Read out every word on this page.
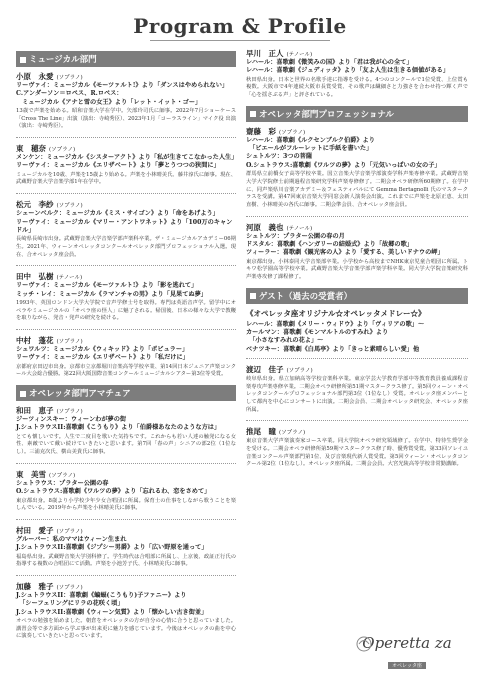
Program & Profile
ミュージカル部門
小原　永愛 (ソプラノ)
リーヴァイ：ミュージカル《モーツァルト!》より「ダンスはやめられない」
C.アンダーソン＝ロペス、R.ロペス：
　ミュージカル《アナと雪の女王》より「レット・イット・ゴー」
13歳で声楽を始める。昭和音楽大学在学中。矢部玲司氏に師事。2022年7月ショーケース「Cross The Line」出演（演出：寺崎秀臣）、2023年1月「コーラスライン」マイク役 出演（演出：寺崎秀臣）。
東　穂奈 (ソプラノ)
メンケン：ミュージカル《シスターアクト》より「私が生きてこなかった人生」
リーヴァイ：ミュージカル《エリザベート》より「夢とうつつの狭間に」
ミュージカルを10歳、声楽を15歳より始める。声楽を小林晴美氏、藤井淳氏に師事。現在、武蔵野音楽大学音楽学部1年在学中。
松元　李紗 (ソプラノ)
シェーンベルク：ミュージカル《ミス・サイゴン》より「命をあげよう」
リーヴァイ：ミュージカル《マリー・アントワネット》より「100万のキャンドル」
長崎県長崎市出身。武蔵野音楽大学音楽学部声楽科卒業。ザ・ミュージカルアカデミー06期生。2021年、ウィーンオペレッタコンクールオペレッタ部門プロフェッショナル入選。現在、合オペレッタ座会員。
田中　弘樹 (テノール)
リーヴァイ：ミュージカル《モーツァルト!》より「影を逃れて」
ミッチ・レイ：ミュージカル《ラマンチャの男》より「見果てぬ夢」
1993年、英国ロンドン大学大学院で音声学修士号を取得。専門は英語音声学。留学中にオペラやミュージカルの「オペラ座の怪人」に魅了される。帰国後、日本の様々な大学で教鞭を取りながら、発音・発声の研究を続ける。
中村　蓬花 (ソプラノ)
シュワルツ：ミュージカル《ウィキッド》より「ポピュラー」
リーヴァイ：ミュージカル《エリザベート》より「私だけに」
京都府京田辺市出身。京都市立京都堀川音楽高等学校卒業、第14回日本ジュニア声楽コンクール大会総合優勝。第22回大阪国際音楽コンクールミュージカルシアター第3位等受賞。
オペレッタ部門アマチュア
和田　恵子 (ソプラノ)
ジーツィンスキー：ウィーンわが夢の街
J.シュトラウスII:喜歌劇《こうもり》より「伯爵様あなたのような方は」
とても懐しいです。人生で二度目を歌いた気持ちです。これからも若い人達の触発になる女性、素敵でいて戴い続けていきたいと思います。第7回「春の声」シニアの部2位（1位なし）。三浦克次氏、横山美貴氏に師事。
東　美雪 (ソプラノ)
シュトラウス：プラター公園の春
O.シュトラウス:喜歌劇《ワルツの夢》より「忘れるわ、恋をさめて」
東京都出身。8歳より小学校少年少女合唱団に所属。保育士の仕事をしながら歌うことを楽しんでいる。2019年から声楽を小林晴美氏に師事。
村田　愛子 (ソプラノ)
グルーバー：私のママはウィーン生まれ
J.シュトラウスII:喜歌劇《ジプシー男爵》より「広い野原を通って」
福島県出身。武蔵野音楽大学別科修了。学生時代は合唱部に所属し、上京後、政証正行氏の指導する複数の合唱団にて活動。声楽を小池芳子氏、小林晴美氏に師事。
加藤　雅子 (ソプラノ)
J.シュトラウスII：喜歌劇《蝙蝠(こうもり)子ファニー》より
　「シーフェリングにリラの花咲く頃」
J.シュトラウスII:喜歌劇《ウィーン気質》より「懐かしい古き街並」
オペラの勉強を始めました。朝倉をオペレッタの方が自分の心情に合うと思っていました。講習会等で多方面から学ぶ事が出来更に魅力を感じています。今後はオペレッタの曲を中心に演奏していきたいと思っています。
早川　正人 (テノール)
レハール：喜歌劇《微笑みの国》より「君は我が心の全て」
レハール：喜歌劇《ジュディッタ》より「友よ人生は生きる価値がある」
秋田県出身。日本と世界の名歌手達に指導を受ける。4つのコンクールで1位受賞、上位賞も複数。大阪市で4年連続大阪市長賞受賞、その歌声は繊細さと力強さを合わせ持つ輝く声で「心を揺さぶる声」と評されている。
オペレッタ部門プロフェッショナル
齋藤　彩 (ソプラノ)
レハール：喜歌劇《ルクセンブルク伯爵》より
　「ピエールがフルーレットに手紙を書いた」
シュトルツ：3つの菩薩
O.シュトラウス:喜歌劇《ワルツの夢》より「元気いっぱいの女の子」
群馬県立前橋女子高等学校卒業。国立音楽大学音楽学部演奏学科声楽専修卒業。武蔵野音楽大学大学院修士前期過程音楽研究学科声楽専修修了。二期会オペラ研修所60期修了。在学中に、同声楽県川音楽アカデミー＆フェスティバルにて Gemma Bertagnolli 氏のマスタークラスを受講。第47回東京音楽大学同窓会新人演奏会出演。これまでに声楽を北原正恵、太田直樹、小林晴美の各氏に師事。二期会準会員、合オペレッタ座会員。
河原　義也 (テノール)
シュトルツ：プラター公園の春の月
ドスタル：喜歌劇《ハンガリーの結婚式》より「故郷の歌」
ツィーラー：喜歌劇《観光客の人》より「愛する、美しいドナウの岬」
東京都出身。小林泰同大学音楽部卒業。小学校から高校までNHK東京児童合唱団に所属。トキワ松学園高等学校卒業。武蔵野音楽大学音楽学部声楽学科卒業。同大学大学院音楽研究科声楽専攻修了課程修了。
ゲスト（過去の受賞者）
《オペレッタ座オリジナル☆オペレッタメドレー☆》
レハール：喜歌劇《メリー・ウィドウ》より「ヴィリアの歌」〜
カールマン：喜歌劇《モンマルトルのすみれ》より
　「小さなすみれの花よ」〜
ベナツキー：喜歌劇《白馬亭》より「きっと素晴らしい愛」他
渡辺　佳子 (ソプラノ)
岐阜県出身。県立加納高等学校音楽科卒業。東京学芸大学教育学部中等教育教員養成課程音楽専攻声楽専修卒業。二期会オペラ研修所第51期マスタークラス修了。第5回ウィーン・オペレッタコンクールプロフェッショナル部門第3位（1位なし）受賞。オペレッタ座メンバーとして都内を中心にコンサートに出演。二期会会員、二期会オペレッタ研究会、オペレッタ座所属。
推尾　瞳 (ソプラノ)
東京音楽大学声楽演奏家コース卒業。同大学院オペラ研究領域修了。在学中、特待生奨学金を受ける。二期会オペラ研修所第59期マスタークラス修了時、優秀賞受賞。第33回ソレイユ音楽コンクール声楽部門第1位、及び音楽現代新人賞受賞。第5回ウィーン・オペレッタコンクール第2位（1位なし）。オペレッタ座所属。二期会会員。大宮光陵高等学校非常勤講師。
Operetta za
オペレッタ座
